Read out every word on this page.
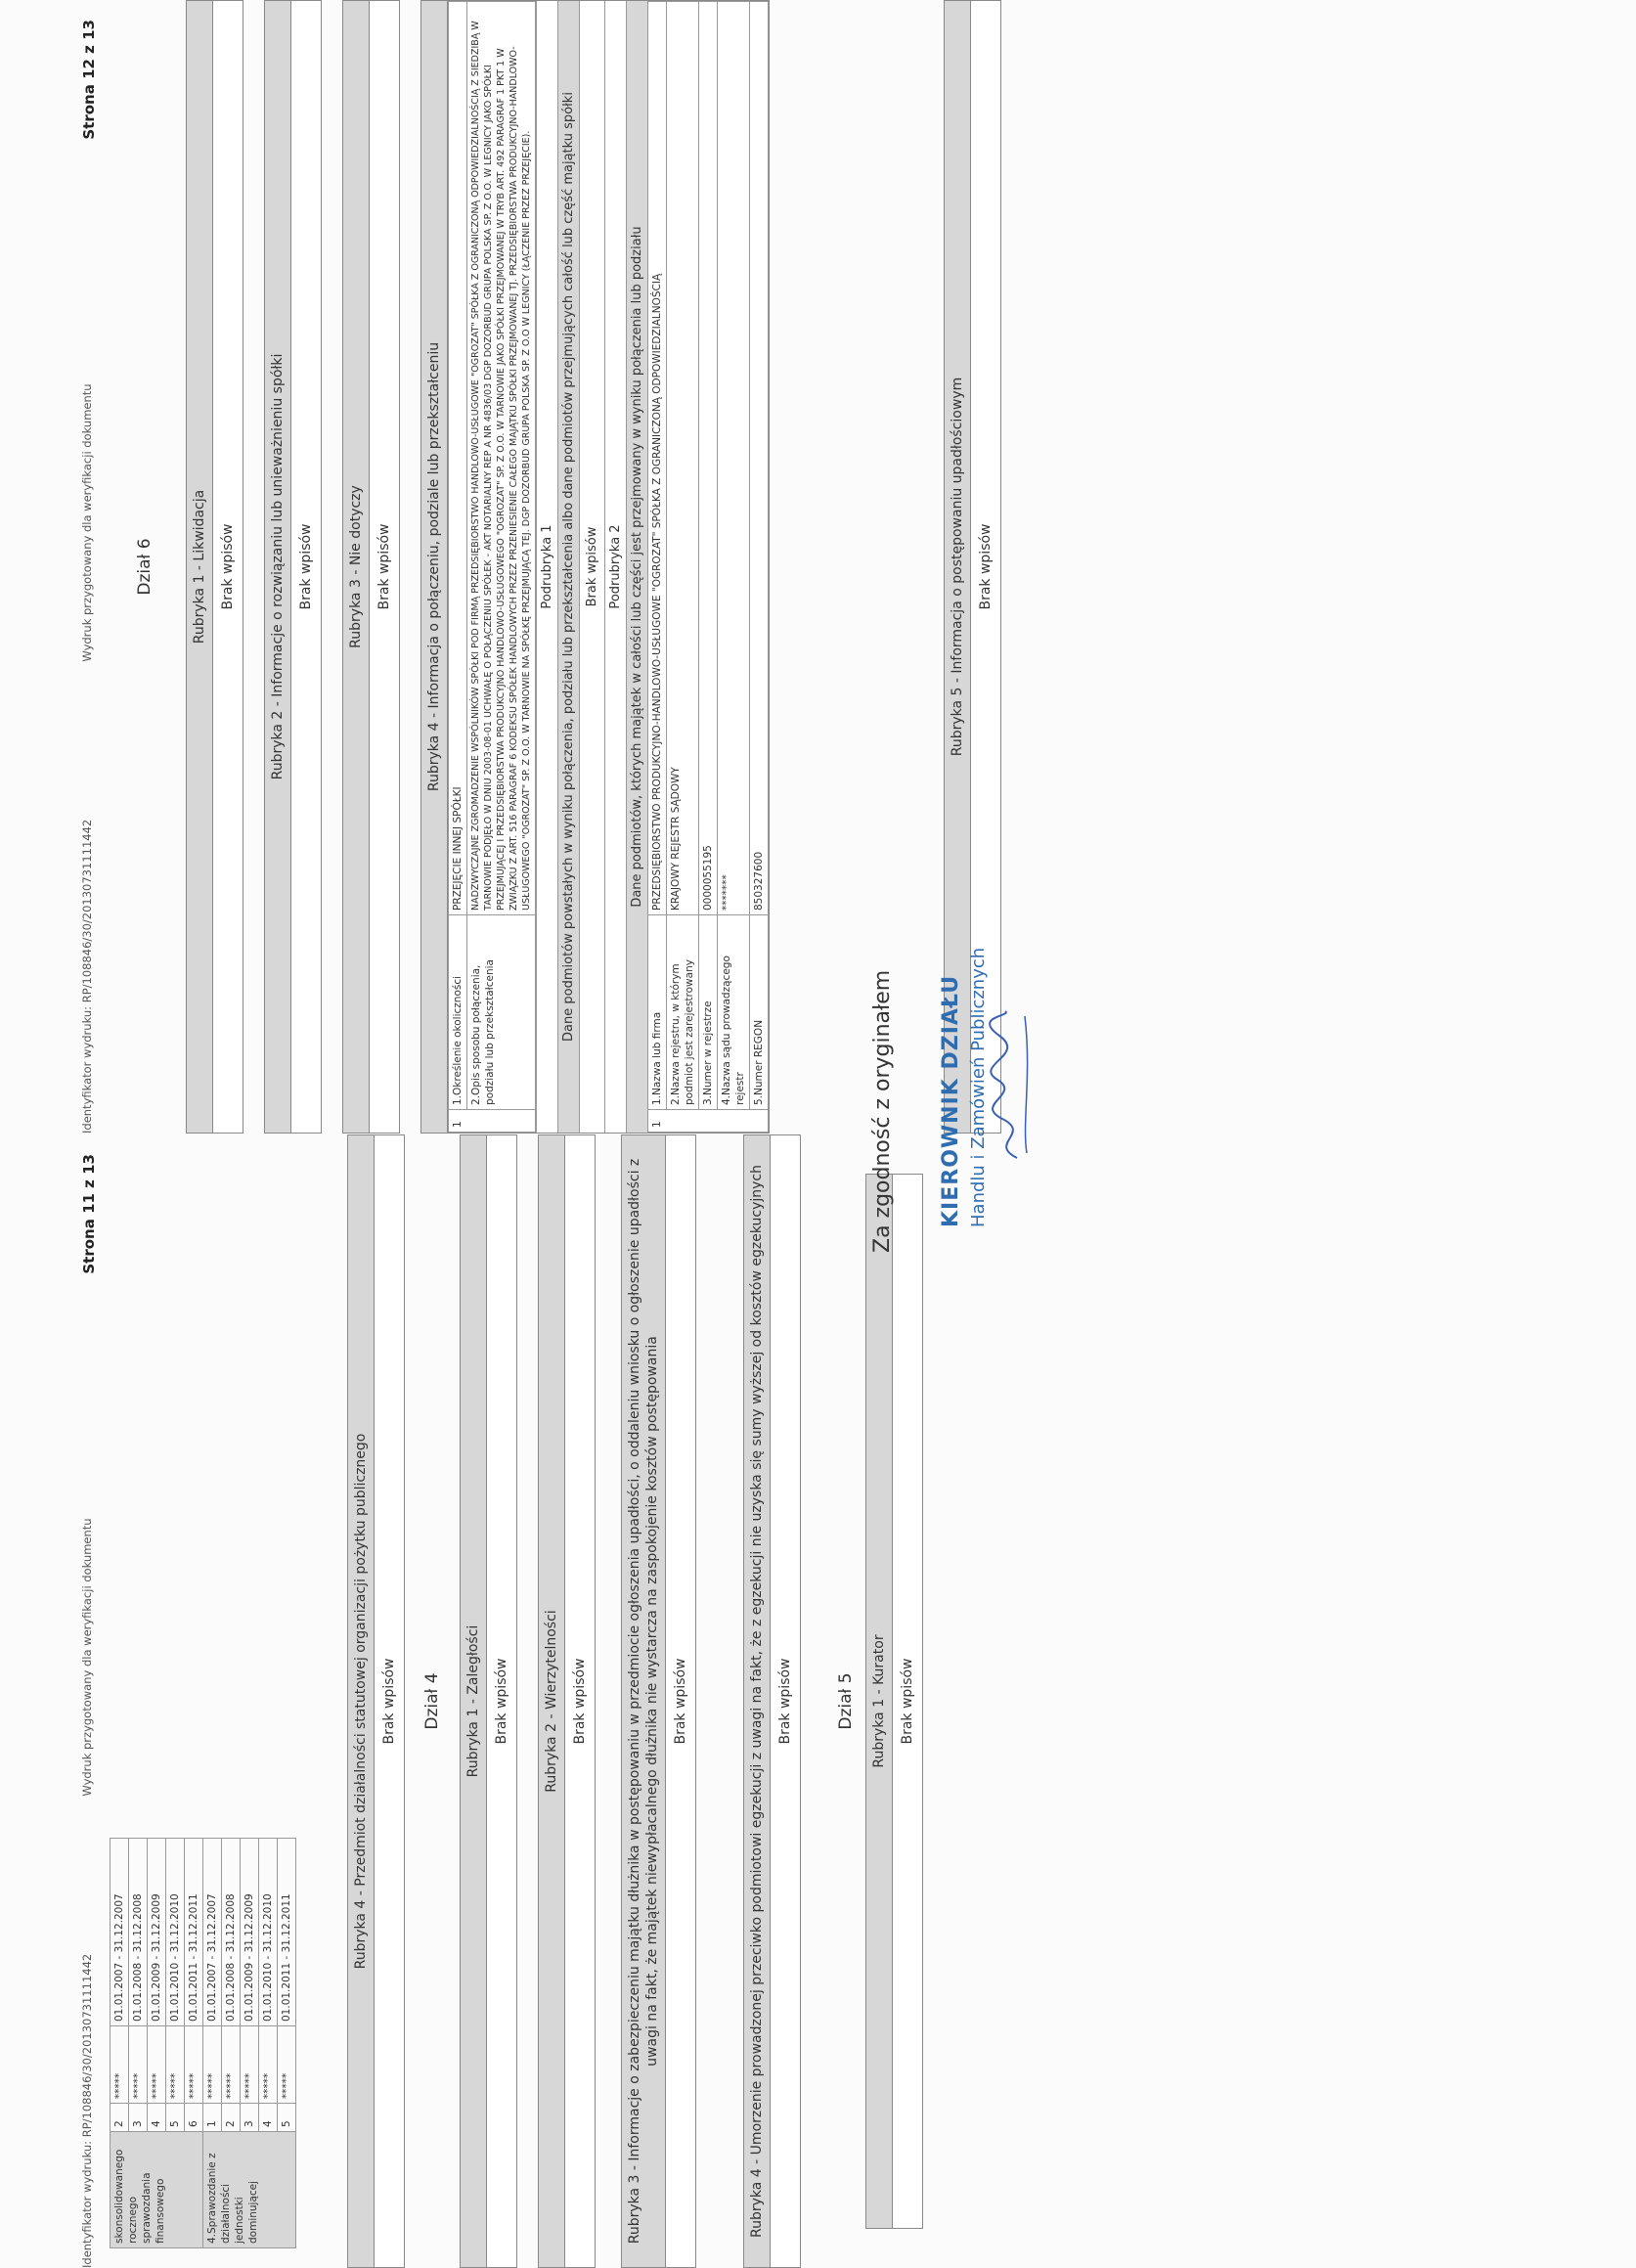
Identyfikator wydruku: RP/108846/30/20130731111442
Wydruk przygotowany dla weryfikacji dokumentu
Strona 11 z 13
skonsolidowanego rocznego sprawozdania finansowego	2	*****	01.01.2007 - 31.12.2007
	3	*****	01.01.2008 - 31.12.2008
	4	*****	01.01.2009 - 31.12.2009
	5	*****	01.01.2010 - 31.12.2010
	6	*****	01.01.2011 - 31.12.2011
4.Sprawozdanie z działalności jednostki dominującej	1	*****	01.01.2007 - 31.12.2007
	2	*****	01.01.2008 - 31.12.2008
	3	*****	01.01.2009 - 31.12.2009
	4	*****	01.01.2010 - 31.12.2010
	5	*****	01.01.2011 - 31.12.2011	Rubryka 4 - Przedmiot działalności statutowej organizacji pożytku publicznego Brak wpisów	Dział 4	Rubryka 1 - Zaległości Brak wpisów	Rubryka 2 - Wierzytelności Brak wpisów	Rubryka 3 - Informacje o zabezpieczeniu majątku dłużnika w postępowaniu w przedmiocie ogłoszenia upadłości, o oddaleniu wniosku o ogłoszenie upadłości z uwagi na fakt, że majątek niewypłacalnego dłużnika nie wystarcza na zaspokojenie kosztów postępowania Brak wpisów	Rubryka 4 - Umorzenie prowadzonej przeciwko podmiotowi egzekucji z uwagi na fakt, że z egzekucji nie uzyska się sumy wyższej od kosztów egzekucyjnych Brak wpisów	Dział 5	Rubryka 1 - Kurator Brak wpisów
Identyfikator wydruku: RP/108846/30/20130731111442
Wydruk przygotowany dla weryfikacji dokumentu
Strona 12 z 13
Dział 6	Rubryka 1 - Likwidacja Brak wpisów	Rubryka 2 - Informacje o rozwiązaniu lub unieważnieniu spółki Brak wpisów	Rubryka 3 - Nie dotyczy Brak wpisów	Rubryka 4 - Informacja o połączeniu, podziale lub przekształceniu
1	1.Określenie okoliczności	PRZEJĘCIE INNEJ SPÓŁKI
	2.Opis sposobu połączenia, podziału lub przekształcenia	NADZWYCZAJNE ZGROMADZENIE WSPÓLNIKÓW SPÓŁKI POD FIRMĄ PRZEDSIĘBIORSTWO HANDLOWO-USŁUGOWE "OGROZAT" SPÓŁKA Z OGRANICZONĄ ODPOWIEDZIALNOŚCIĄ Z SIEDZIBĄ W TARNOWIE PODJĘŁO W DNIU 2003-08-01 UCHWAŁĘ O POŁĄCZENIU SPÓŁEK - AKT NOTARIALNY REP A NR 4836/03 DGP DOZORBUD GRUPA POLSKA SP. Z O.O. W LEGNICY JAKO SPÓŁKI PRZEJMUJĄCEJ I PRZEDSIĘBIORSTWA PRODUKCYJNO HANDLOWO-USŁUGOWEGO "OGROZAT" SP. Z O.O. W TARNOWIE JAKO SPÓŁKI PRZEJMOWANEJ W TRYB ART. 492 PARAGRAF 1 PKT 1 W ZWIĄZKU Z ART. 516 PARAGRAF 6 KODEKSU SPÓŁEK HANDLOWYCH PRZEZ PRZENIESIENIE CAŁEGO MAJĄTKU SPÓŁKI PRZEJMOWANEJ TJ. PRZEDSIĘBIORSTWA PRODUKCYJNO-HANDLOWO-USŁUGOWEGO "OGROZAT" SP. Z O.O. W TARNOWIE NA SPÓŁKĘ PRZEJMUJĄCĄ TEJ. DGP DOZORBUD GRUPA POLSKA SP. Z O.O W LEGNICY (ŁĄCZENIE PRZEZ PRZEJĘCIE). Podrubryka 1 Dane podmiotów powstałych w wyniku połączenia, podziału lub przekształcenia albo dane podmiotów przejmujących całość lub część majątku spółki Brak wpisów Podrubryka 2 Dane podmiotów, których majątek w całości lub części jest przejmowany w wyniku połączenia lub podziału
1	1.Nazwa lub firma	PRZEDSIĘBIORSTWO PRODUKCYJNO-HANDLOWO-USŁUGOWE "OGROZAT" SPÓŁKA Z OGRANICZONĄ ODPOWIEDZIALNOŚCIĄ
	2.Nazwa rejestru, w którym podmiot jest zarejestrowany	KRAJOWY REJESTR SĄDOWY
	3.Numer w rejestrze	0000055195
	4.Nazwa sądu prowadzącego rejestr	*******
	5.Numer REGON	850327600
Rubryka 5 - Informacja o postępowaniu upadłościowym Brak wpisów
Za zgodność z oryginałem KIEROWNIK DZIAŁU Handlu i Zamówień Publicznych
